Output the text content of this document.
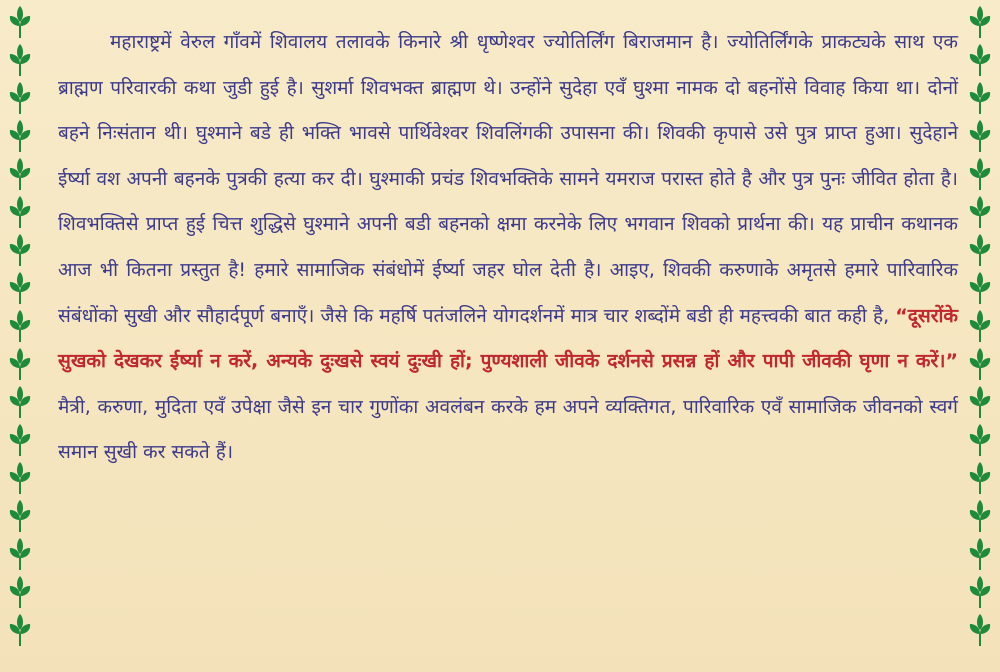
महाराष्ट्रमें वेरुल गाँवमें शिवालय तलावके किनारे श्री धृष्णेश्वर ज्योतिर्लिंग बिराजमान है। ज्योतिर्लिंगके प्राकट्यके साथ एक ब्राह्मण परिवारकी कथा जुडी हुई है। सुशर्मा शिवभक्त ब्राह्मण थे। उन्होंने सुदेहा एवँ घुश्मा नामक दो बहनोंसे विवाह किया था। दोनों बहने निःसंतान थी। घुश्माने बडे ही भक्ति भावसे पार्थिवेश्वर शिवलिंगकी उपासना की। शिवकी कृपासे उसे पुत्र प्राप्त हुआ। सुदेहाने ईर्ष्या वश अपनी बहनके पुत्रकी हत्या कर दी। घुश्माकी प्रचंड शिवभक्तिके सामने यमराज परास्त होते है और पुत्र पुनः जीवित होता है। शिवभक्तिसे प्राप्त हुई चित्त शुद्धिसे घुश्माने अपनी बडी बहनको क्षमा करनेके लिए भगवान शिवको प्रार्थना की। यह प्राचीन कथानक आज भी कितना प्रस्तुत है! हमारे सामाजिक संबंधोमें ईर्ष्या जहर घोल देती है। आइए, शिवकी करुणाके अमृतसे हमारे पारिवारिक संबंधोंको सुखी और सौहार्दपूर्ण बनाएँ। जैसे कि महर्षि पतंजलिने योगदर्शनमें मात्र चार शब्दोंमे बडी ही महत्त्वकी बात कही है, “दूसरोंके सुखको देखकर ईर्ष्या न करें, अन्यके दुःखसे स्वयं दुःखी हों; पुण्यशाली जीवके दर्शनसे प्रसन्न हों और पापी जीवकी घृणा न करें।” मैत्री, करुणा, मुदिता एवँ उपेक्षा जैसे इन चार गुणोंका अवलंबन करके हम अपने व्यक्तिगत, पारिवारिक एवँ सामाजिक जीवनको स्वर्ग समान सुखी कर सकते हैं।
